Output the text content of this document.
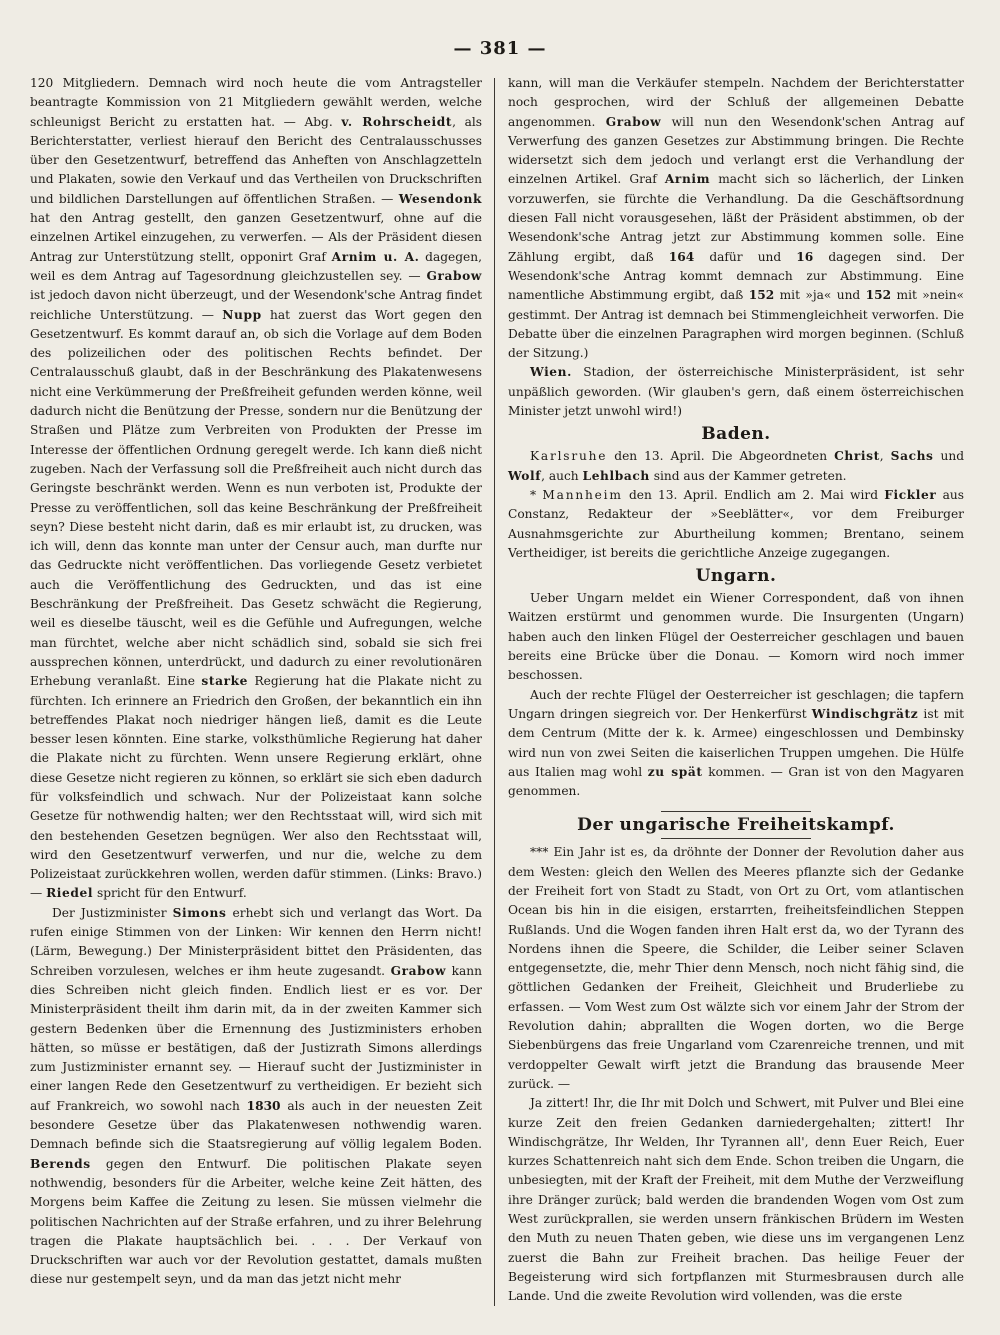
— 381 —

120 Mitgliedern. Demnach wird noch heute die vom Antragsteller beantragte Kommission von 21 Mitgliedern gewählt werden, welche schleunigst Bericht zu erstatten hat. — Abg. v. Rohrscheidt, als Berichterstatter, verliest hierauf den Bericht des Centralausschusses über den Gesetzentwurf, betreffend das Anheften von Anschlagzetteln und Plakaten, sowie den Verkauf und das Vertheilen von Druckschriften und bildlichen Darstellungen auf öffentlichen Straßen. — Wesendonk hat den Antrag gestellt, den ganzen Gesetzentwurf, ohne auf die einzelnen Artikel einzugehen, zu verwerfen. — Als der Präsident diesen Antrag zur Unterstützung stellt, opponirt Graf Arnim u. A. dagegen, weil es dem Antrag auf Tagesordnung gleichzustellen sey. — Grabow ist jedoch davon nicht überzeugt, und der Wesendonk'sche Antrag findet reichliche Unterstützung. — Nupp hat zuerst das Wort gegen den Gesetzentwurf. Es kommt darauf an, ob sich die Vorlage auf dem Boden des polizeilichen oder des politischen Rechts befindet. Der Centralausschuß glaubt, daß in der Beschränkung des Plakatenwesens nicht eine Verkümmerung der Preßfreiheit gefunden werden könne, weil dadurch nicht die Benützung der Presse, sondern nur die Benützung der Straßen und Plätze zum Verbreiten von Produkten der Presse im Interesse der öffentlichen Ordnung geregelt werde. Ich kann dieß nicht zugeben. Nach der Verfassung soll die Preßfreiheit auch nicht durch das Geringste beschränkt werden. Wenn es nun verboten ist, Produkte der Presse zu veröffentlichen, soll das keine Beschränkung der Preßfreiheit seyn? Diese besteht nicht darin, daß es mir erlaubt ist, zu drucken, was ich will, denn das konnte man unter der Censur auch, man durfte nur das Gedruckte nicht veröffentlichen. Das vorliegende Gesetz verbietet auch die Veröffentlichung des Gedruckten, und das ist eine Beschränkung der Preßfreiheit. Das Gesetz schwächt die Regierung, weil es dieselbe täuscht, weil es die Gefühle und Aufregungen, welche man fürchtet, welche aber nicht schädlich sind, sobald sie sich frei aussprechen können, unterdrückt, und dadurch zu einer revolutionären Erhebung veranlaßt. Eine starke Regierung hat die Plakate nicht zu fürchten. Ich erinnere an Friedrich den Großen, der bekanntlich ein ihn betreffendes Plakat noch niedriger hängen ließ, damit es die Leute besser lesen könnten. Eine starke, volksthümliche Regierung hat daher die Plakate nicht zu fürchten. Wenn unsere Regierung erklärt, ohne diese Gesetze nicht regieren zu können, so erklärt sie sich eben dadurch für volksfeindlich und schwach. Nur der Polizeistaat kann solche Gesetze für nothwendig halten; wer den Rechtsstaat will, wird sich mit den bestehenden Gesetzen begnügen. Wer also den Rechtsstaat will, wird den Gesetzentwurf verwerfen, und nur die, welche zu dem Polizeistaat zurückkehren wollen, werden dafür stimmen. (Links: Bravo.) — Riedel spricht für den Entwurf.

Der Justizminister Simons erhebt sich und verlangt das Wort. Da rufen einige Stimmen von der Linken: Wir kennen den Herrn nicht! (Lärm, Bewegung.) Der Ministerpräsident bittet den Präsidenten, das Schreiben vorzulesen, welches er ihm heute zugesandt. Grabow kann dies Schreiben nicht gleich finden. Endlich liest er es vor. Der Ministerpräsident theilt ihm darin mit, da in der zweiten Kammer sich gestern Bedenken über die Ernennung des Justizministers erhoben hätten, so müsse er bestätigen, daß der Justizrath Simons allerdings zum Justizminister ernannt sey. — Hierauf sucht der Justizminister in einer langen Rede den Gesetzentwurf zu vertheidigen. Er bezieht sich auf Frankreich, wo sowohl nach 1830 als auch in der neuesten Zeit besondere Gesetze über das Plakatenwesen nothwendig waren. Demnach befinde sich die Staatsregierung auf völlig legalem Boden. Berends gegen den Entwurf. Die politischen Plakate seyen nothwendig, besonders für die Arbeiter, welche keine Zeit hätten, des Morgens beim Kaffee die Zeitung zu lesen. Sie müssen vielmehr die politischen Nachrichten auf der Straße erfahren, und zu ihrer Belehrung tragen die Plakate hauptsächlich bei. . . . Der Verkauf von Druckschriften war auch vor der Revolution gestattet, damals mußten diese nur gestempelt seyn, und da man das jetzt nicht mehr

kann, will man die Verkäufer stempeln. Nachdem der Berichterstatter noch gesprochen, wird der Schluß der allgemeinen Debatte angenommen. Grabow will nun den Wesendonk'schen Antrag auf Verwerfung des ganzen Gesetzes zur Abstimmung bringen. Die Rechte widersetzt sich dem jedoch und verlangt erst die Verhandlung der einzelnen Artikel. Graf Arnim macht sich so lächerlich, der Linken vorzuwerfen, sie fürchte die Verhandlung. Da die Geschäftsordnung diesen Fall nicht vorausgesehen, läßt der Präsident abstimmen, ob der Wesendonk'sche Antrag jetzt zur Abstimmung kommen solle. Eine Zählung ergibt, daß 164 dafür und 16 dagegen sind. Der Wesendonk'sche Antrag kommt demnach zur Abstimmung. Eine namentliche Abstimmung ergibt, daß 152 mit »ja« und 152 mit »nein« gestimmt. Der Antrag ist demnach bei Stimmengleichheit verworfen. Die Debatte über die einzelnen Paragraphen wird morgen beginnen. (Schluß der Sitzung.)

Wien. Stadion, der österreichische Ministerpräsident, ist sehr unpäßlich geworden. (Wir glauben's gern, daß einem österreichischen Minister jetzt unwohl wird!)

Baden.

Karlsruhe den 13. April. Die Abgeordneten Christ, Sachs und Wolf, auch Lehlbach sind aus der Kammer getreten.

* Mannheim den 13. April. Endlich am 2. Mai wird Fickler aus Constanz, Redakteur der »Seeblätter«, vor dem Freiburger Ausnahmsgerichte zur Aburtheilung kommen; Brentano, seinem Vertheidiger, ist bereits die gerichtliche Anzeige zugegangen.

Ungarn.

Ueber Ungarn meldet ein Wiener Correspondent, daß von ihnen Waitzen erstürmt und genommen wurde. Die Insurgenten (Ungarn) haben auch den linken Flügel der Oesterreicher geschlagen und bauen bereits eine Brücke über die Donau. — Komorn wird noch immer beschossen.

Auch der rechte Flügel der Oesterreicher ist geschlagen; die tapfern Ungarn dringen siegreich vor. Der Henkerfürst Windischgrätz ist mit dem Centrum (Mitte der k. k. Armee) eingeschlossen und Dembinsky wird nun von zwei Seiten die kaiserlichen Truppen umgehen. Die Hülfe aus Italien mag wohl zu spät kommen. — Gran ist von den Magyaren genommen.

Der ungarische Freiheitskampf.

*** Ein Jahr ist es, da dröhnte der Donner der Revolution daher aus dem Westen: gleich den Wellen des Meeres pflanzte sich der Gedanke der Freiheit fort von Stadt zu Stadt, von Ort zu Ort, vom atlantischen Ocean bis hin in die eisigen, erstarrten, freiheitsfeindlichen Steppen Rußlands. Und die Wogen fanden ihren Halt erst da, wo der Tyrann des Nordens ihnen die Speere, die Schilder, die Leiber seiner Sclaven entgegensetzte, die, mehr Thier denn Mensch, noch nicht fähig sind, die göttlichen Gedanken der Freiheit, Gleichheit und Bruderliebe zu erfassen. — Vom West zum Ost wälzte sich vor einem Jahr der Strom der Revolution dahin; abprallten die Wogen dorten, wo die Berge Siebenbürgens das freie Ungarland vom Czarenreiche trennen, und mit verdoppelter Gewalt wirft jetzt die Brandung das brausende Meer zurück. —

Ja zittert! Ihr, die Ihr mit Dolch und Schwert, mit Pulver und Blei eine kurze Zeit den freien Gedanken darniedergehalten; zittert! Ihr Windischgrätze, Ihr Welden, Ihr Tyrannen all', denn Euer Reich, Euer kurzes Schattenreich naht sich dem Ende. Schon treiben die Ungarn, die unbesiegten, mit der Kraft der Freiheit, mit dem Muthe der Verzweiflung ihre Dränger zurück; bald werden die brandenden Wogen vom Ost zum West zurückprallen, sie werden unsern fränkischen Brüdern im Westen den Muth zu neuen Thaten geben, wie diese uns im vergangenen Lenz zuerst die Bahn zur Freiheit brachen. Das heilige Feuer der Begeisterung wird sich fortpflanzen mit Sturmesbrausen durch alle Lande. Und die zweite Revolution wird vollenden, was die erste
